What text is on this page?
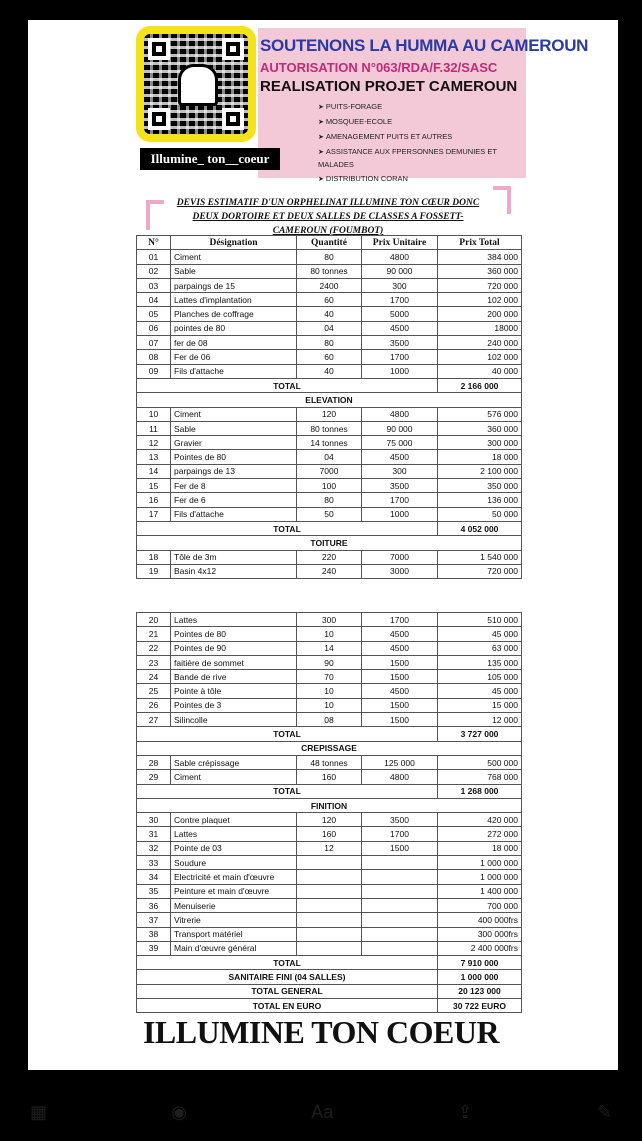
Illumine_ ton__coeur
SOUTENONS LA HUMMA AU CAMEROUN
AUTORISATION N°063/RDA/F.32/SASC
REALISATION PROJET CAMEROUN
➤ PUITS-FORAGE
➤ MOSQUEE-ECOLE
➤ AMENAGEMENT PUITS ET AUTRES
➤ ASSISTANCE AUX FPERSONNES DEMUNIES ET MALADES
➤ DISTRIBUTION CORAN
DEVIS ESTIMATIF D'UN ORPHELINAT ILLUMINE TON CŒUR DONC DEUX DORTOIRE ET DEUX SALLES DE CLASSES A FOSSETT-CAMEROUN (FOUMBOT)
N°	Désignation	Quantité	Prix Unitaire	Prix Total
01	Ciment	80	4800	384 000
02	Sable	80 tonnes	90 000	360 000
03	parpaings de 15	2400	300	720 000
04	Lattes d'implantation	60	1700	102 000
05	Planches de coffrage	40	5000	200 000
06	pointes de 80	04	4500	18000
07	fer de 08	80	3500	240 000
08	Fer de 06	60	1700	102 000
09	Fils d'attache	40	1000	40 000
TOTAL				2 166 000
ELEVATION				
10	Ciment	120	4800	576 000
11	Sable	80 tonnes	90 000	360 000
12	Gravier	14 tonnes	75 000	300 000
13	Pointes de 80	04	4500	18 000
14	parpaings de 13	7000	300	2 100 000
15	Fer de 8	100	3500	350 000
16	Fer de 6	80	1700	136 000
17	Fils d'attache	50	1000	50 000
TOTAL				4 052 000
TOITURE				
18	Tôle de 3m	220	7000	1 540 000
19	Basin 4x12	240	3000	720 000
20	Lattes	300	1700	510 000
21	Pointes de 80	10	4500	45 000
22	Pointes de 90	14	4500	63 000
23	faitière de sommet	90	1500	135 000
24	Bande de rive	70	1500	105 000
25	Pointe à tôle	10	4500	45 000
26	Pointes de 3	10	1500	15 000
27	Silincolle	08	1500	12 000
TOTAL				3 727 000
CREPISSAGE				
28	Sable crépissage	48 tonnes	125 000	500 000
29	Ciment	160	4800	768 000
TOTAL				1 268 000
FINITION				
30	Contre plaquet	120	3500	420 000
31	Lattes	160	1700	272 000
32	Pointe de 03	12	1500	18 000
33	Soudure			1 000 000
34	Electricité et main d'œuvre			1 000 000
35	Peinture et main d'œuvre			1 400 000
36	Menuiserie			700 000
37	Vitrerie			400 000frs
38	Transport matériel			300 000frs
39	Main d'œuvre général			2 400 000frs
TOTAL				7 910 000
SANITAIRE FINI (04 SALLES)				1 000 000
TOTAL GENERAL				20 123 000
TOTAL EN EURO				30 722 EURO
ILLUMINE TON COEUR
▦	◉	Aa	⇪	✎
